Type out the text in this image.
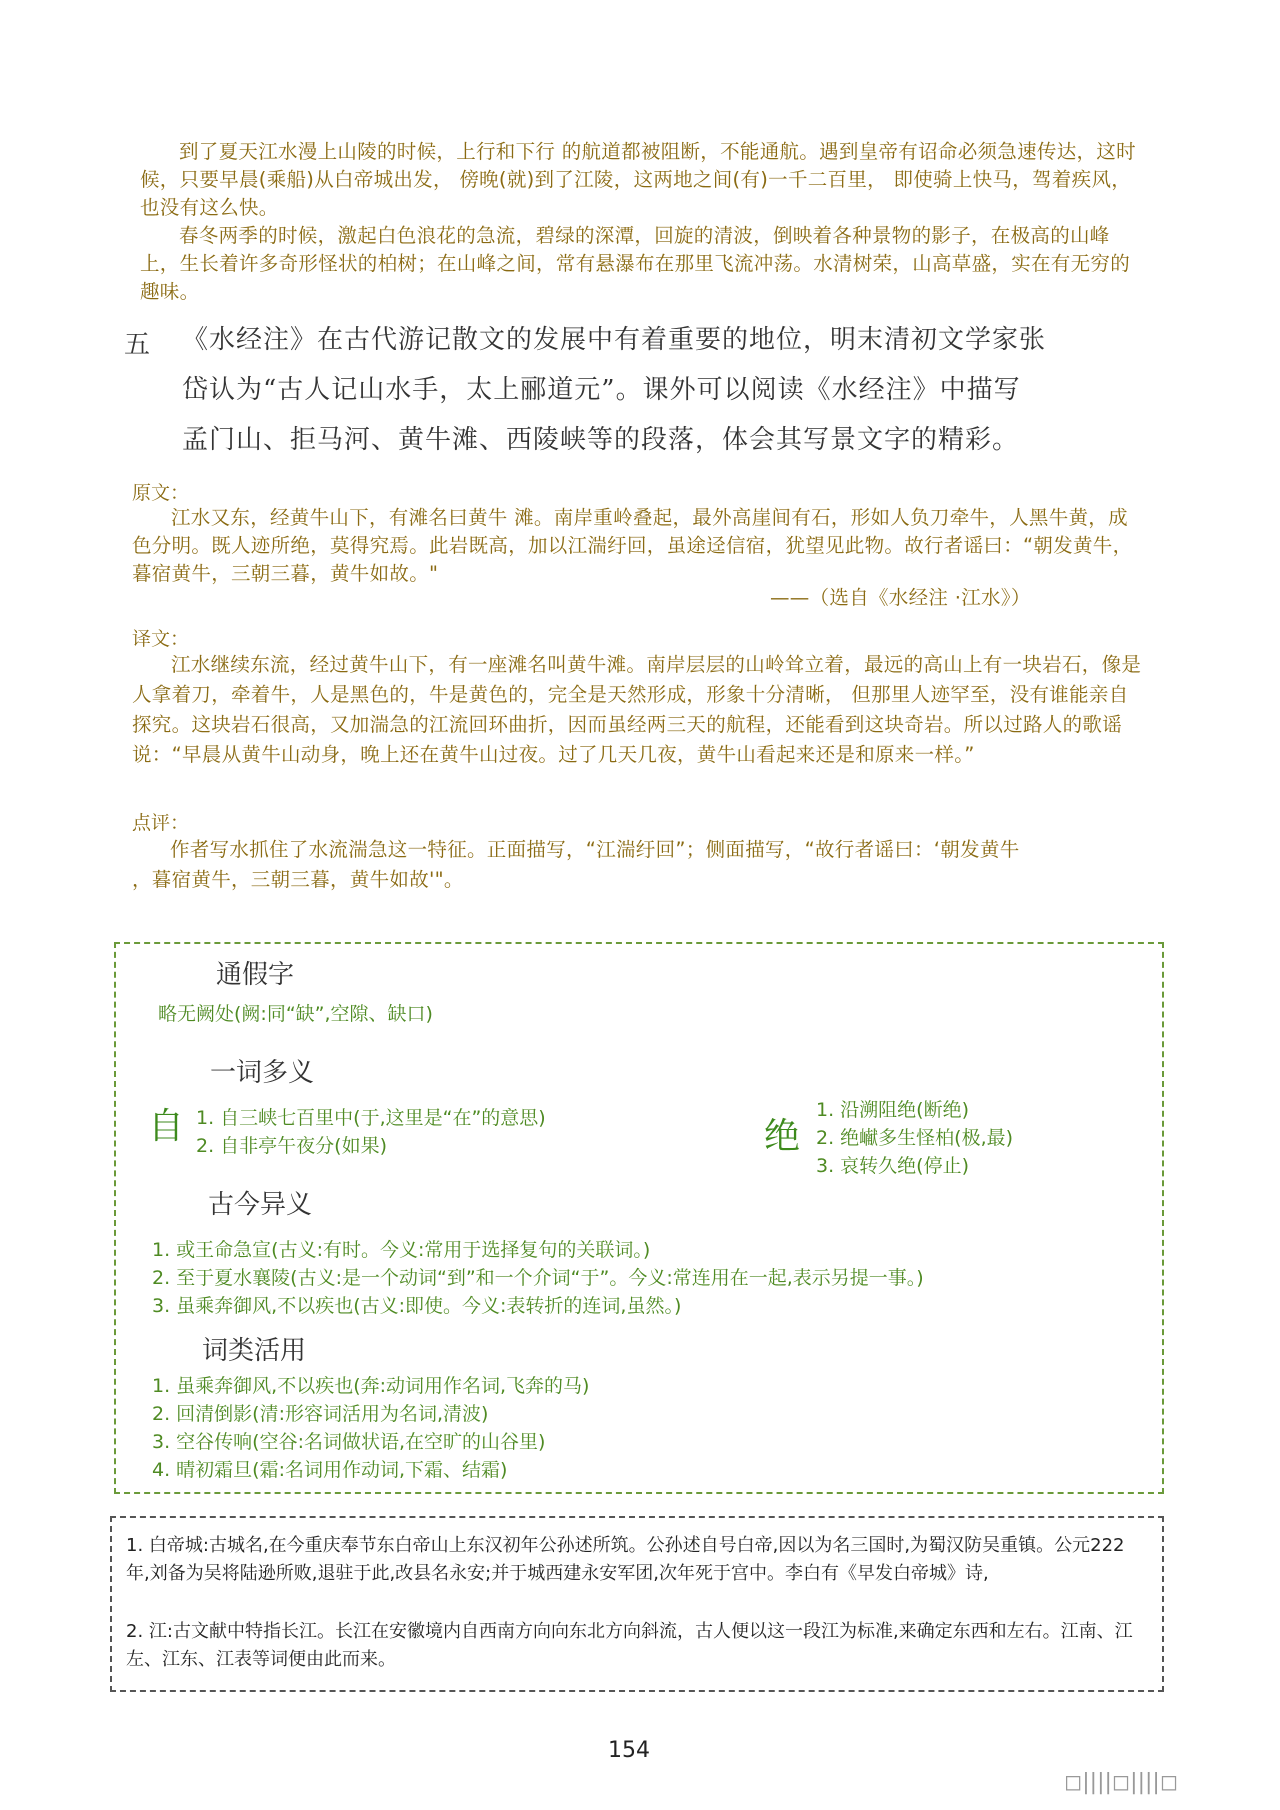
到了夏天江水漫上山陵的时候，上行和下行 的航道都被阻断，不能通航。遇到皇帝有诏命必须急速传达，这时候，只要早晨(乘船)从白帝城出发， 傍晚(就)到了江陵，这两地之间(有)一千二百里， 即使骑上快马，驾着疾风，也没有这么快。
春冬两季的时候，激起白色浪花的急流，碧绿的深潭，回旋的清波，倒映着各种景物的影子，在极高的山峰上，生长着许多奇形怪状的柏树；在山峰之间，常有悬瀑布在那里飞流冲荡。水清树荣，山高草盛，实在有无穷的趣味。
五 《水经注》在古代游记散文的发展中有着重要的地位，明末清初文学家张
岱认为“古人记山水手，太上郦道元”。课外可以阅读《水经注》中描写
孟门山、拒马河、黄牛滩、西陵峡等的段落，体会其写景文字的精彩。
原文：
江水又东，经黄牛山下，有滩名曰黄牛 滩。南岸重岭叠起，最外高崖间有石，形如人负刀牵牛，人黑牛黄，成色分明。既人迹所绝，莫得究焉。此岩既高，加以江湍纡回，虽途迳信宿，犹望见此物。故行者谣曰：“朝发黄牛，暮宿黄牛，三朝三暮，黄牛如故。"
——（选自《水经注 ·江水》）
译文：
江水继续东流，经过黄牛山下，有一座滩名叫黄牛滩。南岸层层的山岭耸立着，最远的高山上有一块岩石，像是人拿着刀，牵着牛，人是黑色的，牛是黄色的，完全是天然形成，形象十分清晰， 但那里人迹罕至，没有谁能亲自探究。这块岩石很高，又加湍急的江流回环曲折，因而虽经两三天的航程，还能看到这块奇岩。所以过路人的歌谣说：“早晨从黄牛山动身，晚上还在黄牛山过夜。过了几天几夜，黄牛山看起来还是和原来一样。”
点评：
作者写水抓住了水流湍急这一特征。正面描写，“江湍纡回”；侧面描写，“故行者谣曰：‘朝发黄牛
，暮宿黄牛，三朝三暮，黄牛如故'"。
通假字
略无阙处(阙:同“缺”,空隙、缺口)
一词多义
自 1. 自三峡七百里中(于,这里是“在”的意思)
2. 自非亭午夜分(如果)	绝
1. 沿溯阻绝(断绝)
2. 绝𪩘多生怪柏(极,最)
3. 哀转久绝(停止)
古今异义
1. 或王命急宣(古义:有时。今义:常用于选择复句的关联词。)
2. 至于夏水襄陵(古义:是一个动词“到”和一个介词“于”。今义:常连用在一起,表示另提一事。)
3. 虽乘奔御风,不以疾也(古义:即使。今义:表转折的连词,虽然。)
词类活用
1. 虽乘奔御风,不以疾也(奔:动词用作名词,飞奔的马)
2. 回清倒影(清:形容词活用为名词,清波)
3. 空谷传响(空谷:名词做状语,在空旷的山谷里)
4. 晴初霜旦(霜:名词用作动词,下霜、结霜)
1. 白帝城:古城名,在今重庆奉节东白帝山上东汉初年公孙述所筑。公孙述自号白帝,因以为名三国时,为蜀汉防吴重镇。公元222年,刘备为吴将陆逊所败,退驻于此,改县名永安;并于城西建永安军团,次年死于宫中。李白有《早发白帝城》诗,
2. 江:古文献中特指长江。长江在安徽境内自西南方向向东北方向斜流，古人便以这一段江为标准,来确定东西和左右。江南、江左、江东、江表等词便由此而来。
154
◻||||◻||||◻
